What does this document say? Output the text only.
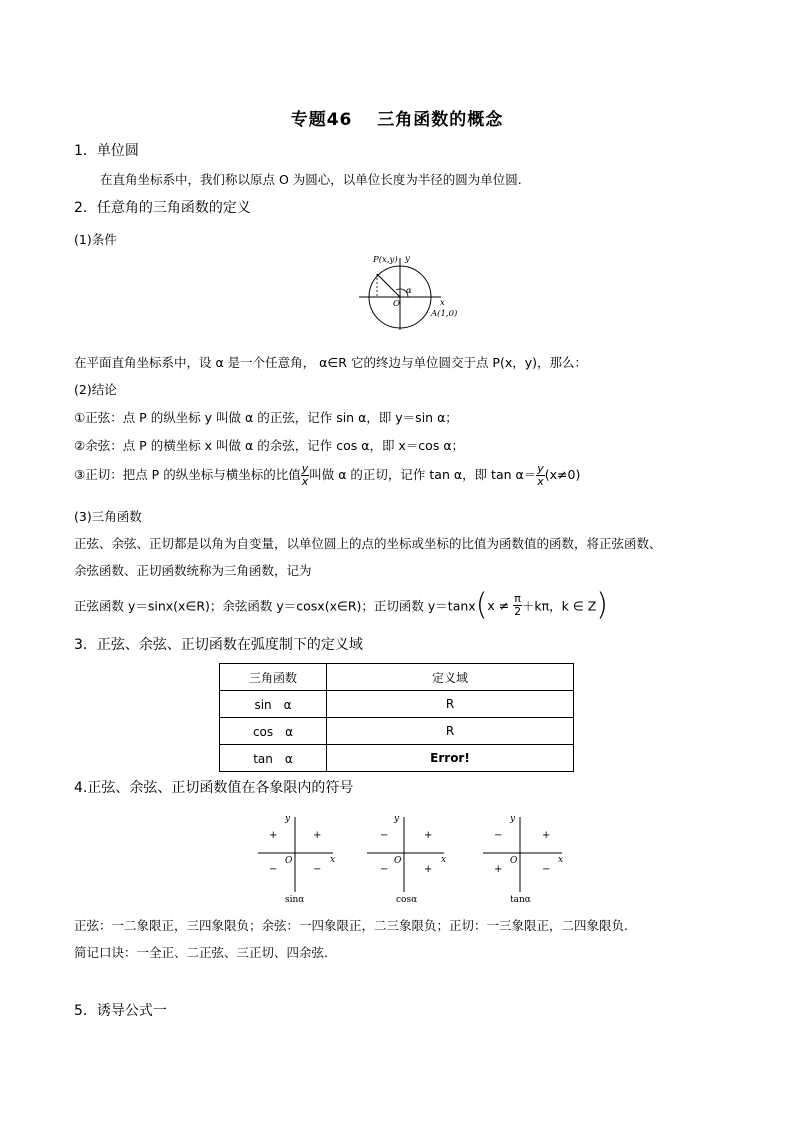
专题46　 三角函数的概念
1．单位圆
在直角坐标系中，我们称以原点 O 为圆心，以单位长度为半径的圆为单位圆.
2．任意角的三角函数的定义
(1)条件
P(x,y) y
x
O
α
A(1,0)
在平面直角坐标系中，设 α 是一个任意角， α∈R 它的终边与单位圆交于点 P(x，y)，那么：
(2)结论
①正弦：点 P 的纵坐标 y 叫做 α 的正弦，记作 sin α，即 y＝sin α；
②余弦：点 P 的横坐标 x 叫做 α 的余弦，记作 cos α，即 x＝cos α；
③正切：把点 P 的纵坐标与横坐标的比值 $\frac{y}{x}$ 叫做 α 的正切，记作 tan α，即 $\tan \alpha= \frac{y}{x} (x\ne 0)$
(3)三角函数
正弦、余弦、正切都是以角为自变量，以单位圆上的点的坐标或坐标的比值为函数值的函数，将正弦函数、
余弦函数、正切函数统称为三角函数，记为
正弦函数 y＝sinx(x∈R)；余弦函数 y＝cosx(x∈R)；正切函数 $y=\tan x(x \ne \frac{\pi}{2} +k\pi$，k ∈ Z)
3．正弦、余弦、正切函数在弧度制下的定义域
三角函数	定义域
sin　α	R
cos　α	R
tan　α	Error!
4.正弦、余弦、正切函数值在各象限内的符号
y
x
O
+
+
−	−
sinα
y
x
O
+
−
−	+
cosα
y
x
O
+
−
+	−
tanα
正弦：一二象限正，三四象限负；余弦：一四象限正，二三象限负；正切：一三象限正，二四象限负.
简记口诀：一全正、二正弦、三正切、四余弦.
5．诱导公式一
